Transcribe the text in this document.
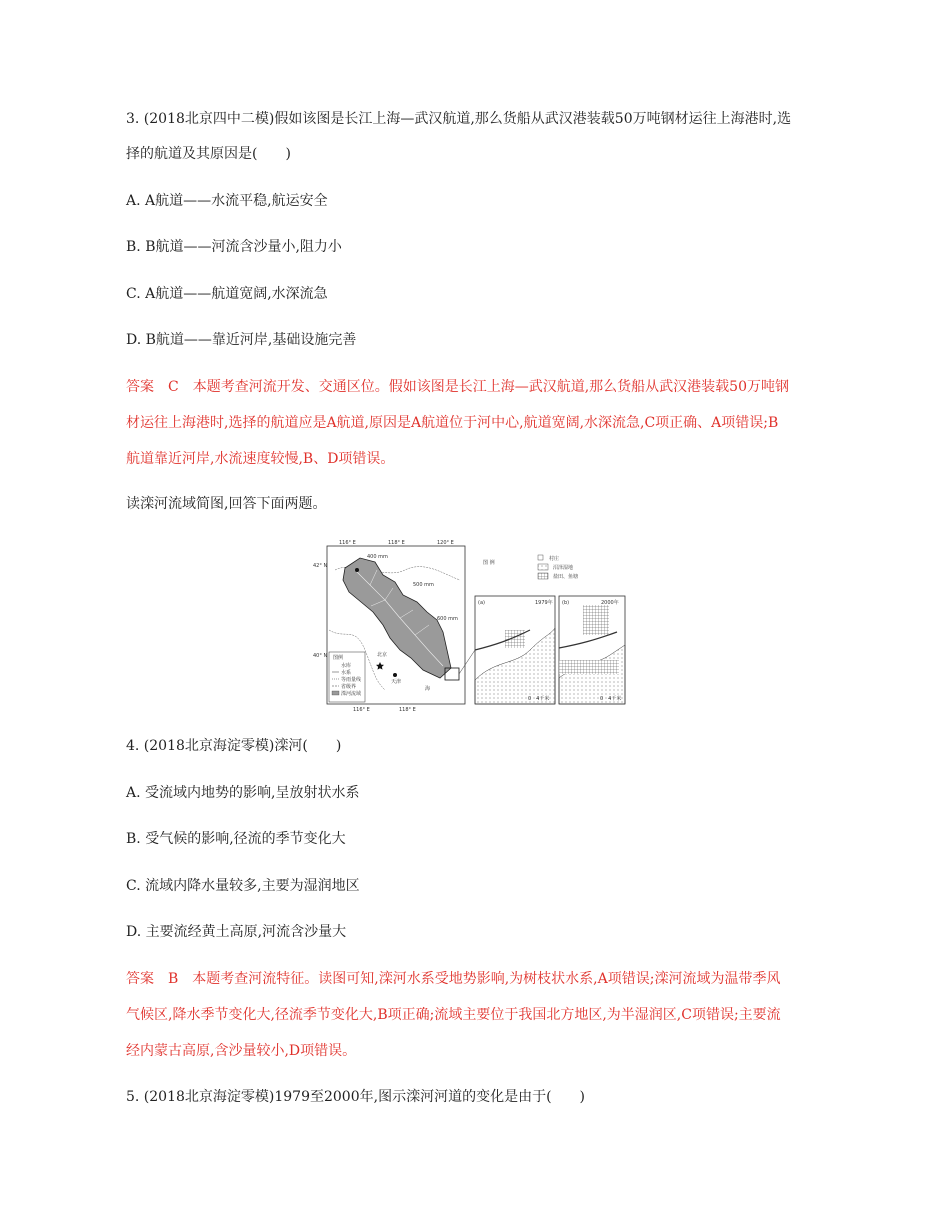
3. (2018北京四中二模)假如该图是长江上海—武汉航道,那么货船从武汉港装载50万吨钢材运往上海港时,选
择的航道及其原因是(　　)
A. A航道——水流平稳,航运安全
B. B航道——河流含沙量小,阻力小
C. A航道——航道宽阔,水深流急
D. B航道——靠近河岸,基础设施完善
答案　C　本题考查河流开发、交通区位。假如该图是长江上海—武汉航道,那么货船从武汉港装载50万吨钢
材运往上海港时,选择的航道应是A航道,原因是A航道位于河中心,航道宽阔,水深流急,C项正确、A项错误;B
航道靠近河岸,水流速度较慢,B、D项错误。
读滦河流域简图,回答下面两题。
116° E	118° E	120° E
42° N
40° N
116° E	118° E
400 mm
500 mm
600 mm
北京
天津
海
图例
水库
水系
等雨量线
省级界
滦河流域
图 例
村庄
沼泽湿地
盐田、鱼塘
(a)	1979年
0　4千米
(b)	2000年
0　4千米
4. (2018北京海淀零模)滦河(　　)
A. 受流域内地势的影响,呈放射状水系
B. 受气候的影响,径流的季节变化大
C. 流域内降水量较多,主要为湿润地区
D. 主要流经黄土高原,河流含沙量大
答案　B　本题考查河流特征。读图可知,滦河水系受地势影响,为树枝状水系,A项错误;滦河流域为温带季风
气候区,降水季节变化大,径流季节变化大,B项正确;流域主要位于我国北方地区,为半湿润区,C项错误;主要流
经内蒙古高原,含沙量较小,D项错误。
5. (2018北京海淀零模)1979至2000年,图示滦河河道的变化是由于(　　)
